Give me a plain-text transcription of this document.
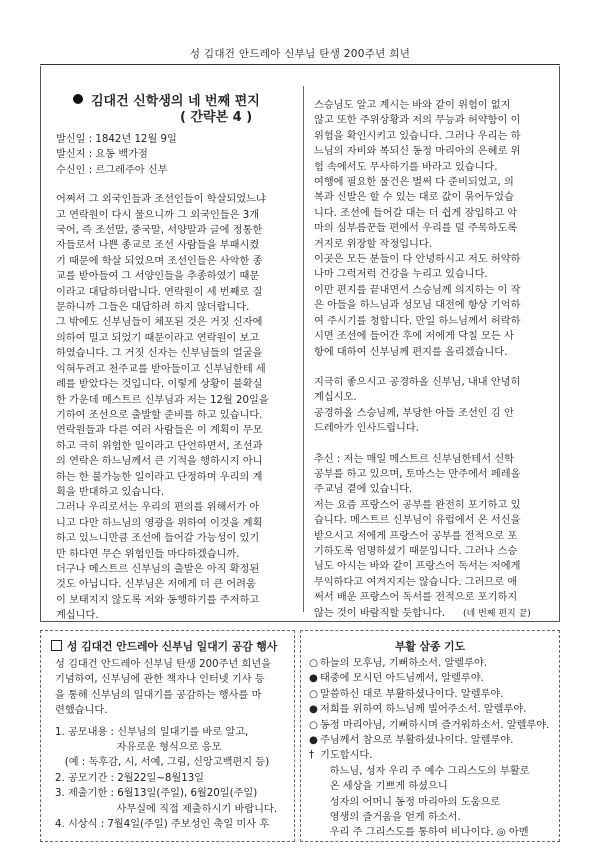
성 김대건 안드레아 신부님 탄생 200주년 희년
김대건 신학생의 네 번째 편지
( 간략본 4 )

발신일 : 1842년 12월 9일

발신지 : 요동 백가점

수신인 : 르그레주아 신부

어쩌서 그 외국인들과 조선인들이 학살되었느냐

고 연락원이 다시 물으니까 그 외국인들은 3개

국어, 즉 조선말, 중국말, 서양말과 글에 정통한

자들로서 나쁜 종교로 조선 사람들을 부패시켰

기 때문에 학살 되었으며 조선인들은 사악한 종

교를 받아들여 그 서양인들을 추종하였기 때문

이라고 대답하더랍니다. 연락원이 세 번째로 질

문하니까 그들은 대답하려 하지 않더랍니다.

그 밖에도 신부님들이 체포된 것은 거짓 신자에

의하여 밀고 되었기 때문이라고 연락원이 보고

하였습니다. 그 거짓 신자는 신부님들의 얼굴을

익혀두려고 천주교를 받아들이고 신부님한테 세

례를 받았다는 것입니다. 이렇게 상황이 불확실

한 가운데 메스트르 신부님과 저는 12월 20일을

기하여 조선으로 출발할 준비를 하고 있습니다.

연락원들과 다른 여러 사람들은 이 계획이 무모

하고 극히 위험한 일이라고 단언하면서, 조선과

의 연락은 하느님께서 큰 기적을 행하시지 아니

하는 한 불가능한 일이라고 단정하며 우리의 계

획을 반대하고 있습니다.

그러나 우리로서는 우리의 편의를 위해서가 아

니고 다만 하느님의 영광을 위하여 이것을 계획

하고 있느니만큼 조선에 들어갈 가능성이 있기

만 하다면 무슨 위험인들 마다하겠습니까.

더구나 메스트르 신부님의 출발은 아직 확정된

것도 아닙니다. 신부님은 저에게 더 큰 어려움

이 보태지지 않도록 저와 동행하기를 주저하고

계십니다.

스승님도 알고 계시는 바와 같이 위험이 없지

않고 또한 주위상황과 저의 무능과 허약함이 이

위험을 확인시키고 있습니다. 그러나 우리는 하

느님의 자비와 복되신 동정 마리아의 은혜로 위

험 속에서도 무사하기를 바라고 있습니다.

여행에 필요한 물건은 벌써 다 준비되었고, 의

복과 신발은 할 수 있는 대로 값이 묶어두었습

니다. 조선에 들어갈 대는 더 쉽게 잠입하고 악

마의 심부름꾼들 편에서 우리를 덜 주목하도록

거지로 위장할 작정입니다.

이곳은 모든 분들이 다 안녕하시고 저도 허약하

나마 그럭저럭 건강을 누리고 있습니다.

이만 편지를 끝내면서 스승님께 의지하는 이 작

은 아들을 하느님과 성모님 대전에 항상 기억하

여 주시기를 청합니다. 만일 하느님께서 허락하

시면 조선에 들어간 후에 저에게 닥칠 모든 사

항에 대하여 신부님께 편지를 올리겠습니다.

지극히 좋으시고 공경하올 신부님, 내내 안녕히

계십시오.

공경하올 스승님께, 부당한 아들 조선인 김 안

드레아가 인사드립니다.

추신 : 저는 매일 메스트르 신부님한테서 신학

공부를 하고 있으며, 토마스는 만주에서 페레올

주교님 곁에 있습니다.

저는 요즘 프랑스어 공부를 완전히 포기하고 있

습니다. 메스트르 신부님이 유럽에서 온 서신을

받으시고 저에게 프랑스어 공부를 전적으로 포

기하도록 엄명하셨기 때문입니다. 그러나 스승

님도 아시는 바와 같이 프랑스어 독서는 저에게

무익하다고 여겨지지는 않습니다. 그러므로 애

써서 배운 프랑스어 독서를 전적으로 포기하지

않는 것이 바람직할 듯합니다. (네 번째 편지 끝)

성 김대건 안드레아 신부님 일대기 공감 행사

성 김대건 안드레아 신부님 탄생 200주년 희년을

기념하여, 신부님에 관한 책자나 인터넷 기사 등

을 통해 신부님의 일대기를 공감하는 행사를 마

련했습니다.

1. 공모내용 : 신부님의 일대기를 바로 알고,

자유로운 형식으로 응모

(예 : 독후감, 시, 서예, 그림, 신앙고백편지 등)

2. 공모기간 : 2월22일~8월13일

3. 제출기한 : 6월13일(주일), 6월20일(주일)

사무실에 직접 제출하시기 바랍니다.

4. 시상식 : 7월4일(주일) 주보성인 축일 미사 후

부활 삼종 기도

○ 하늘의 모후님, 기뻐하소서. 알렐루야.

● 태중에 모시던 아드님께서, 알렐루야.

○ 말씀하신 대로 부활하셨나이다. 알렐루야.

● 저희를 위하여 하느님께 빌어주소서. 알렐루야.

○ 동정 마리아님, 기뻐하시며 즐거워하소서. 알렐루야.

● 주님께서 참으로 부활하셨나이다. 알렐루야.

† 기도합시다.

하느님, 성자 우리 주 예수 그리스도의 부활로

온 세상을 기쁘게 하셨으니

성자의 어머니 동정 마리아의 도움으로

영생의 즐거움을 얻게 하소서.

우리 주 그리스도를 통하여 비나이다. ◎ 아멘
